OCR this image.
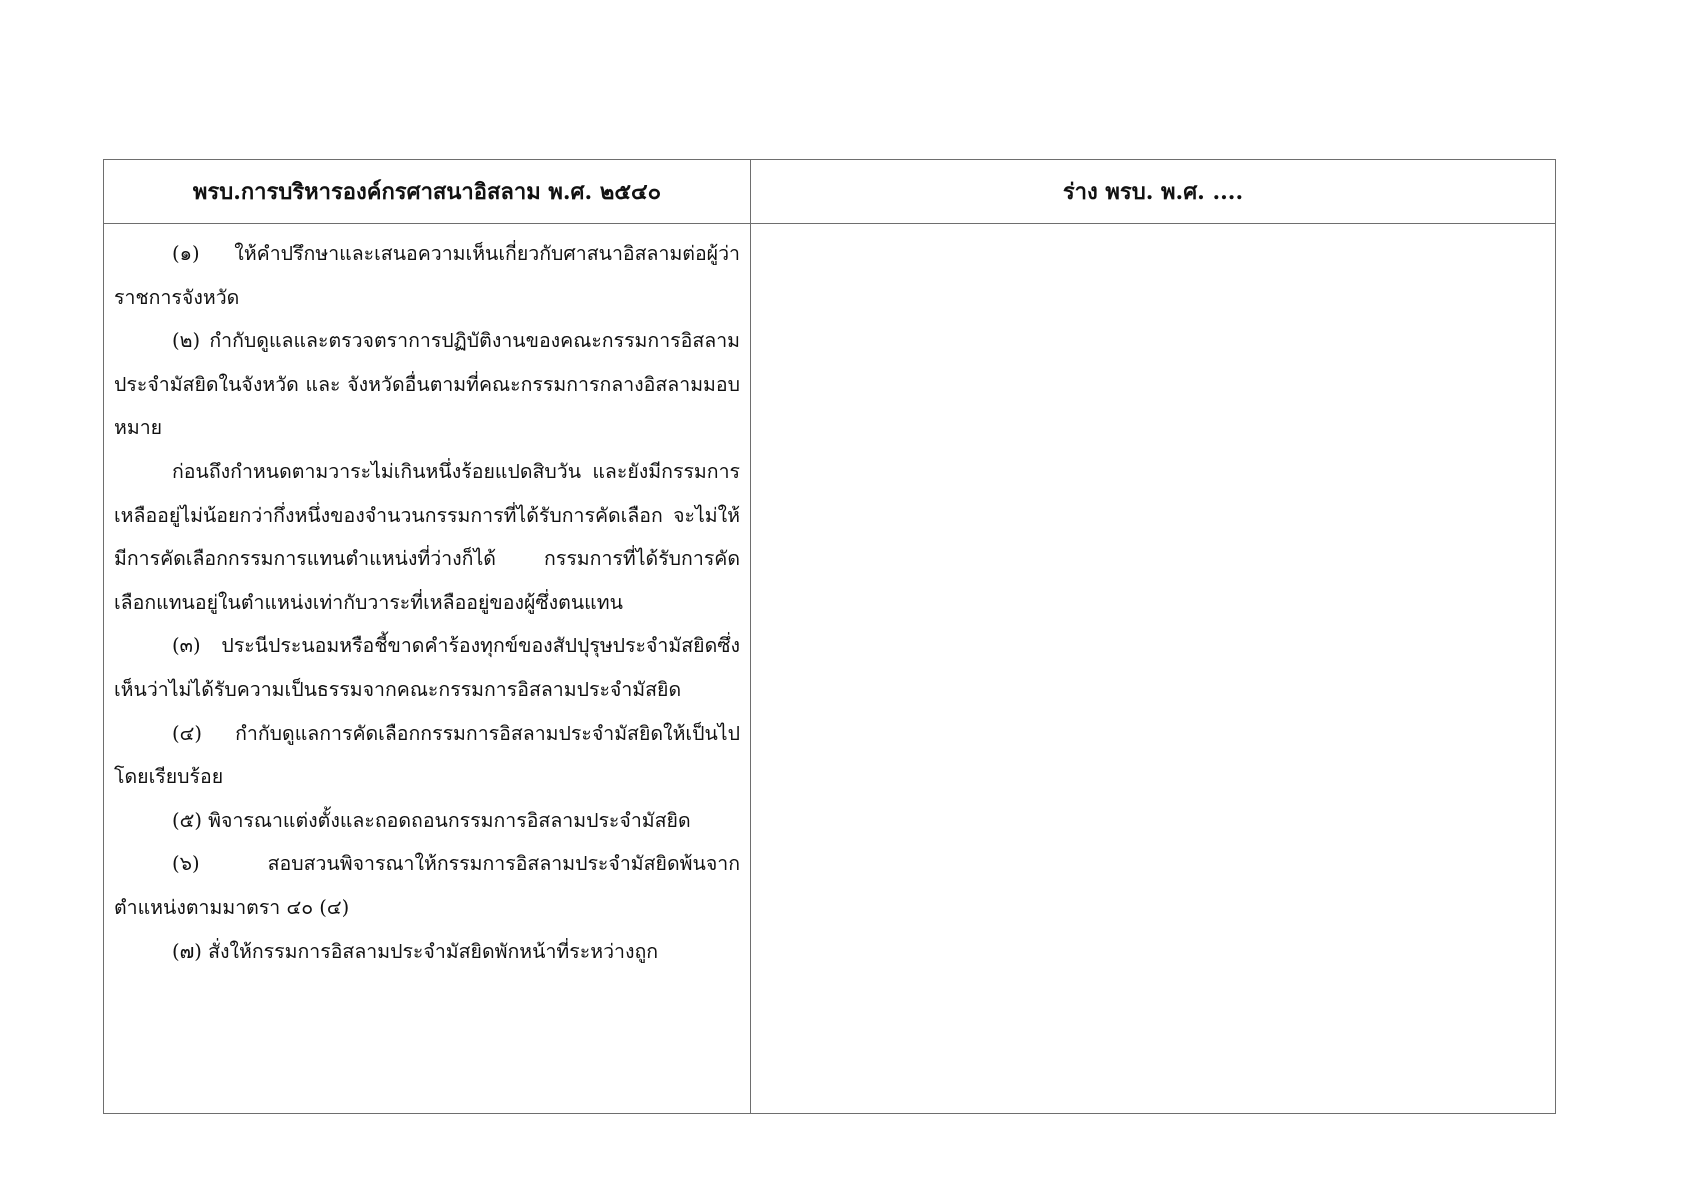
พรบ.การบริหารองค์กรศาสนาอิสลาม พ.ศ. ๒๕๔๐	ร่าง พรบ. พ.ศ. ....

(๑) ให้คำปรึกษาและเสนอความเห็นเกี่ยวกับศาสนาอิสลามต่อผู้ว่าราชการจังหวัด

(๒) กำกับดูแลและตรวจตราการปฏิบัติงานของคณะกรรมการอิสลามประจำมัสยิดในจังหวัด และ จังหวัดอื่นตามที่คณะกรรมการกลางอิสลามมอบหมาย

ก่อนถึงกำหนดตามวาระไม่เกินหนึ่งร้อยแปดสิบวัน และยังมีกรรมการเหลืออยู่ไม่น้อยกว่ากึ่งหนึ่งของจำนวนกรรมการที่ได้รับการคัดเลือก จะไม่ให้มีการคัดเลือกกรรมการแทนตำแหน่งที่ว่างก็ได้ กรรมการที่ได้รับการคัดเลือกแทนอยู่ในตำแหน่งเท่ากับวาระที่เหลืออยู่ของผู้ซึ่งตนแทน

(๓) ประนีประนอมหรือชี้ขาดคำร้องทุกข์ของสัปปุรุษประจำมัสยิดซึ่งเห็นว่าไม่ได้รับความเป็นธรรมจากคณะกรรมการอิสลามประจำมัสยิด

(๔) กำกับดูแลการคัดเลือกกรรมการอิสลามประจำมัสยิดให้เป็นไปโดยเรียบร้อย

(๕) พิจารณาแต่งตั้งและถอดถอนกรรมการอิสลามประจำมัสยิด

(๖) สอบสวนพิจารณาให้กรรมการอิสลามประจำมัสยิดพ้นจากตำแหน่งตามมาตรา ๔๐ (๔)

(๗) สั่งให้กรรมการอิสลามประจำมัสยิดพักหน้าที่ระหว่างถูก
